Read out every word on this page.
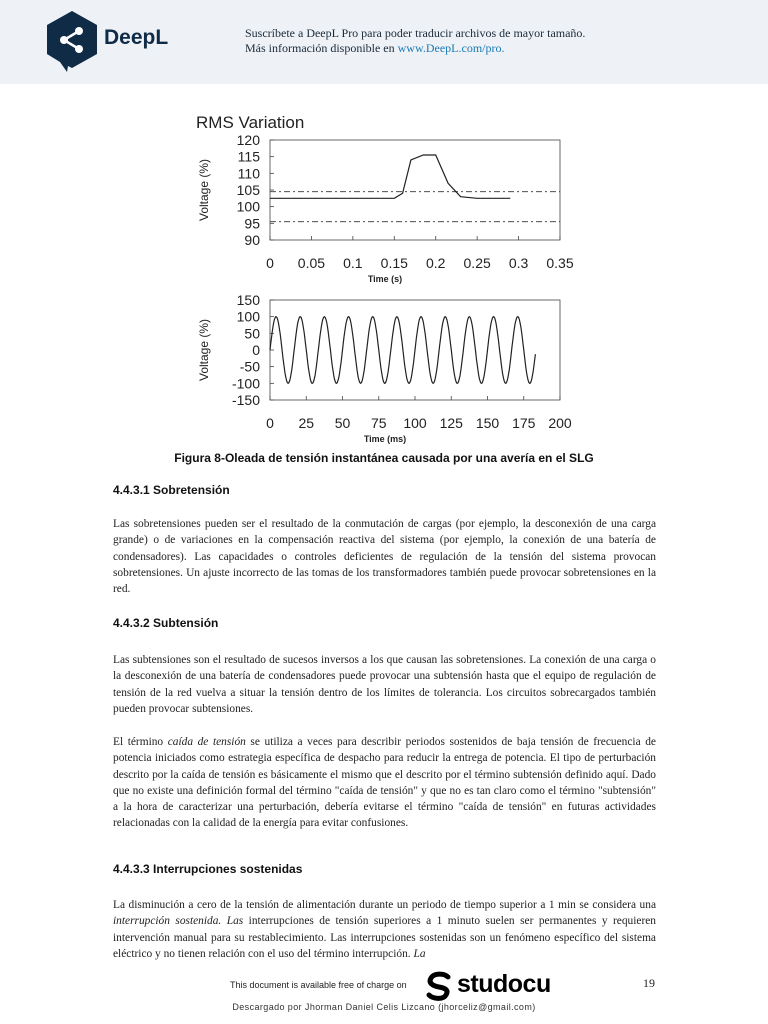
DeepL	Suscríbete a DeepL Pro para poder traducir archivos de mayor tamaño.
Más información disponible en www.DeepL.com/pro.
RMS Variation
120
115
110
105
100
95
90
0 0.05 0.1 0.15 0.2 0.25 0.3 0.35
Time (s)
Voltage (%)
150
100
50
0
-50
-100
-150
0 25 50 75 100 125 150 175 200
Time (ms)
Voltage (%)
Figura 8-Oleada de tensión instantánea causada por una avería en el SLG
4.4.3.1 Sobretensión

Las sobretensiones pueden ser el resultado de la conmutación de cargas (por ejemplo, la desconexión de una carga grande) o de variaciones en la compensación reactiva del sistema (por ejemplo, la conexión de una batería de condensadores). Las capacidades o controles deficientes de regulación de la tensión del sistema provocan sobretensiones. Un ajuste incorrecto de las tomas de los transformadores también puede provocar sobretensiones en la red.

4.4.3.2 Subtensión

Las subtensiones son el resultado de sucesos inversos a los que causan las sobretensiones. La conexión de una carga o la desconexión de una batería de condensadores puede provocar una subtensión hasta que el equipo de regulación de tensión de la red vuelva a situar la tensión dentro de los límites de tolerancia. Los circuitos sobrecargados también pueden provocar subtensiones.

El término caída de tensión se utiliza a veces para describir periodos sostenidos de baja tensión de frecuencia de potencia iniciados como estrategia específica de despacho para reducir la entrega de potencia. El tipo de perturbación descrito por la caída de tensión es básicamente el mismo que el descrito por el término subtensión definido aquí. Dado que no existe una definición formal del término "caída de tensión" y que no es tan claro como el término "subtensión" a la hora de caracterizar una perturbación, debería evitarse el término "caída de tensión" en futuras actividades relacionadas con la calidad de la energía para evitar confusiones.

4.4.3.3 Interrupciones sostenidas

La disminución a cero de la tensión de alimentación durante un periodo de tiempo superior a 1 min se considera una interrupción sostenida. Las interrupciones de tensión superiores a 1 minuto suelen ser permanentes y requieren intervención manual para su restablecimiento. Las interrupciones sostenidas son un fenómeno específico del sistema eléctrico y no tienen relación con el uso del término interrupción. La

This document is available free of charge on studocu	19
Descargado por Jhorman Daniel Celis Lizcano (jhorceliz@gmail.com)
